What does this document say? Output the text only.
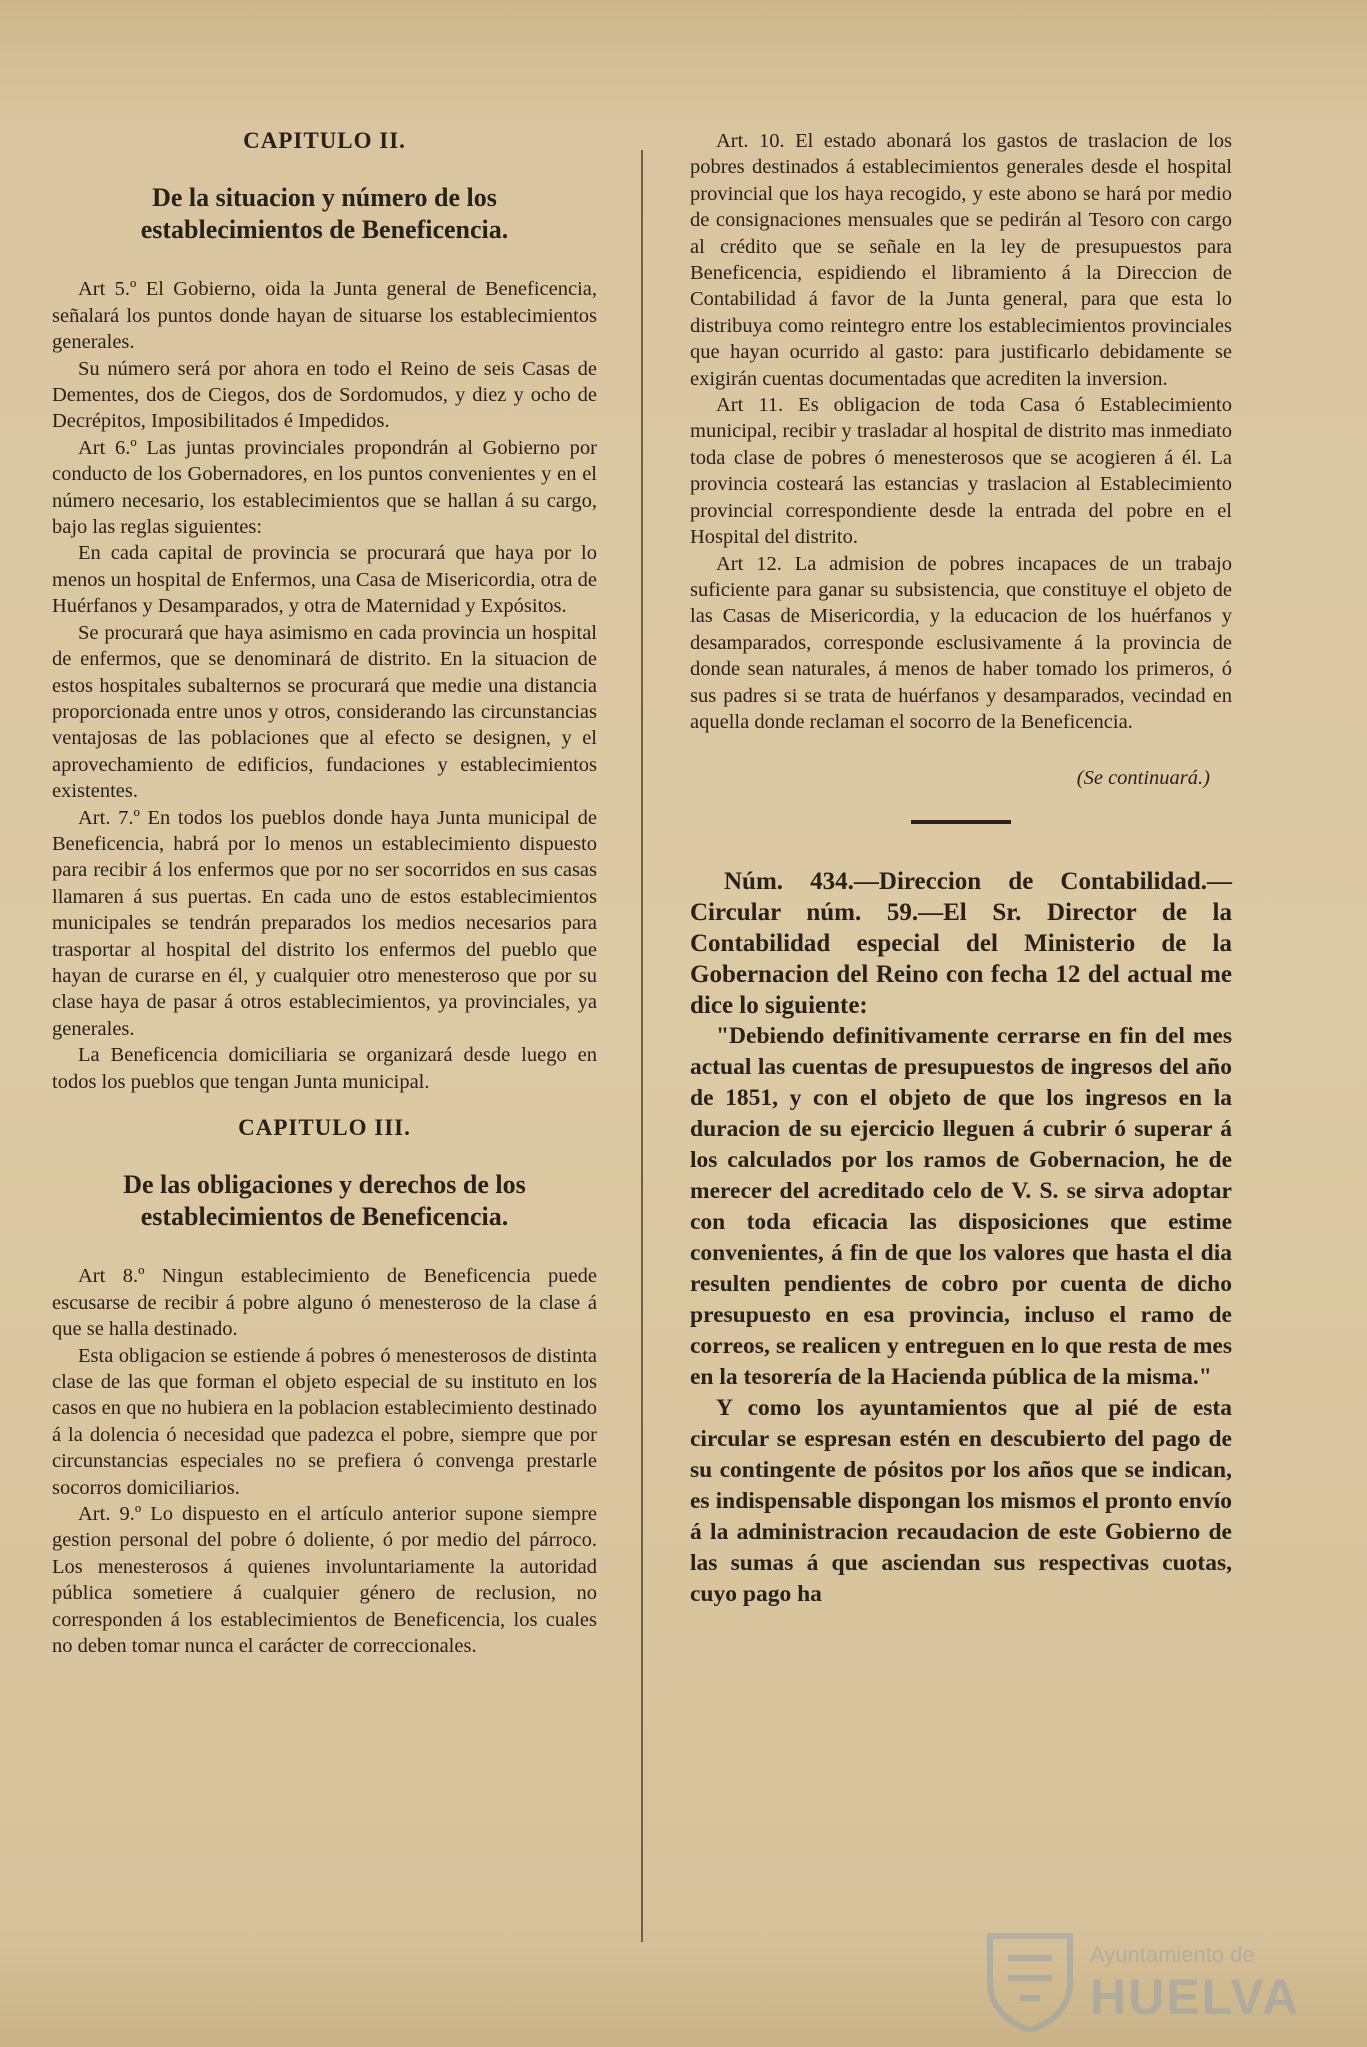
CAPITULO II.
De la situacion y número de los establecimientos de Beneficencia.

Art 5.º El Gobierno, oida la Junta general de Beneficencia, señalará los puntos donde hayan de situarse los establecimientos generales.

Su número será por ahora en todo el Reino de seis Casas de Dementes, dos de Ciegos, dos de Sordomudos, y diez y ocho de Decrépitos, Imposibilitados é Impedidos.

Art 6.º Las juntas provinciales propondrán al Gobierno por conducto de los Gobernadores, en los puntos convenientes y en el número necesario, los establecimientos que se hallan á su cargo, bajo las reglas siguientes:

En cada capital de provincia se procurará que haya por lo menos un hospital de Enfermos, una Casa de Misericordia, otra de Huérfanos y Desamparados, y otra de Maternidad y Expósitos.

Se procurará que haya asimismo en cada provincia un hospital de enfermos, que se denominará de distrito. En la situacion de estos hospitales subalternos se procurará que medie una distancia proporcionada entre unos y otros, considerando las circunstancias ventajosas de las poblaciones que al efecto se designen, y el aprovechamiento de edificios, fundaciones y establecimientos existentes.

Art. 7.º En todos los pueblos donde haya Junta municipal de Beneficencia, habrá por lo menos un establecimiento dispuesto para recibir á los enfermos que por no ser socorridos en sus casas llamaren á sus puertas. En cada uno de estos establecimientos municipales se tendrán preparados los medios necesarios para trasportar al hospital del distrito los enfermos del pueblo que hayan de curarse en él, y cualquier otro menesteroso que por su clase haya de pasar á otros establecimientos, ya provinciales, ya generales.

La Beneficencia domiciliaria se organizará desde luego en todos los pueblos que tengan Junta municipal.

CAPITULO III.
De las obligaciones y derechos de los establecimientos de Beneficencia.

Art 8.º Ningun establecimiento de Beneficencia puede escusarse de recibir á pobre alguno ó menesteroso de la clase á que se halla destinado.

Esta obligacion se estiende á pobres ó menesterosos de distinta clase de las que forman el objeto especial de su instituto en los casos en que no hubiera en la poblacion establecimiento destinado á la dolencia ó necesidad que padezca el pobre, siempre que por circunstancias especiales no se prefiera ó convenga prestarle socorros domiciliarios.

Art. 9.º Lo dispuesto en el artículo anterior supone siempre gestion personal del pobre ó doliente, ó por medio del párroco. Los menesterosos á quienes involuntariamente la autoridad pública sometiere á cualquier género de reclusion, no corresponden á los establecimientos de Beneficencia, los cuales no deben tomar nunca el carácter de correccionales.

Art. 10. El estado abonará los gastos de traslacion de los pobres destinados á establecimientos generales desde el hospital provincial que los haya recogido, y este abono se hará por medio de consignaciones mensuales que se pedirán al Tesoro con cargo al crédito que se señale en la ley de presupuestos para Beneficencia, espidiendo el libramiento á la Direccion de Contabilidad á favor de la Junta general, para que esta lo distribuya como reintegro entre los establecimientos provinciales que hayan ocurrido al gasto: para justificarlo debidamente se exigirán cuentas documentadas que acrediten la inversion.

Art 11. Es obligacion de toda Casa ó Establecimiento municipal, recibir y trasladar al hospital de distrito mas inmediato toda clase de pobres ó menesterosos que se acogieren á él. La provincia costeará las estancias y traslacion al Establecimiento provincial correspondiente desde la entrada del pobre en el Hospital del distrito.

Art 12. La admision de pobres incapaces de un trabajo suficiente para ganar su subsistencia, que constituye el objeto de las Casas de Misericordia, y la educacion de los huérfanos y desamparados, corresponde esclusivamente á la provincia de donde sean naturales, á menos de haber tomado los primeros, ó sus padres si se trata de huérfanos y desamparados, vecindad en aquella donde reclaman el socorro de la Beneficencia.

(Se continuará.)

Núm. 434.—Direccion de Contabilidad.—Circular núm. 59.—El Sr. Director de la Contabilidad especial del Ministerio de la Gobernacion del Reino con fecha 12 del actual me dice lo siguiente:

"Debiendo definitivamente cerrarse en fin del mes actual las cuentas de presupuestos de ingresos del año de 1851, y con el objeto de que los ingresos en la duracion de su ejercicio lleguen á cubrir ó superar á los calculados por los ramos de Gobernacion, he de merecer del acreditado celo de V. S. se sirva adoptar con toda eficacia las disposiciones que estime convenientes, á fin de que los valores que hasta el dia resulten pendientes de cobro por cuenta de dicho presupuesto en esa provincia, incluso el ramo de correos, se realicen y entreguen en lo que resta de mes en la tesorería de la Hacienda pública de la misma."

Y como los ayuntamientos que al pié de esta circular se espresan estén en descubierto del pago de su contingente de pósitos por los años que se indican, es indispensable dispongan los mismos el pronto envío á la administracion recaudacion de este Gobierno de las sumas á que asciendan sus respectivas cuotas, cuyo pago ha

Ayuntamiento de
HUELVA
